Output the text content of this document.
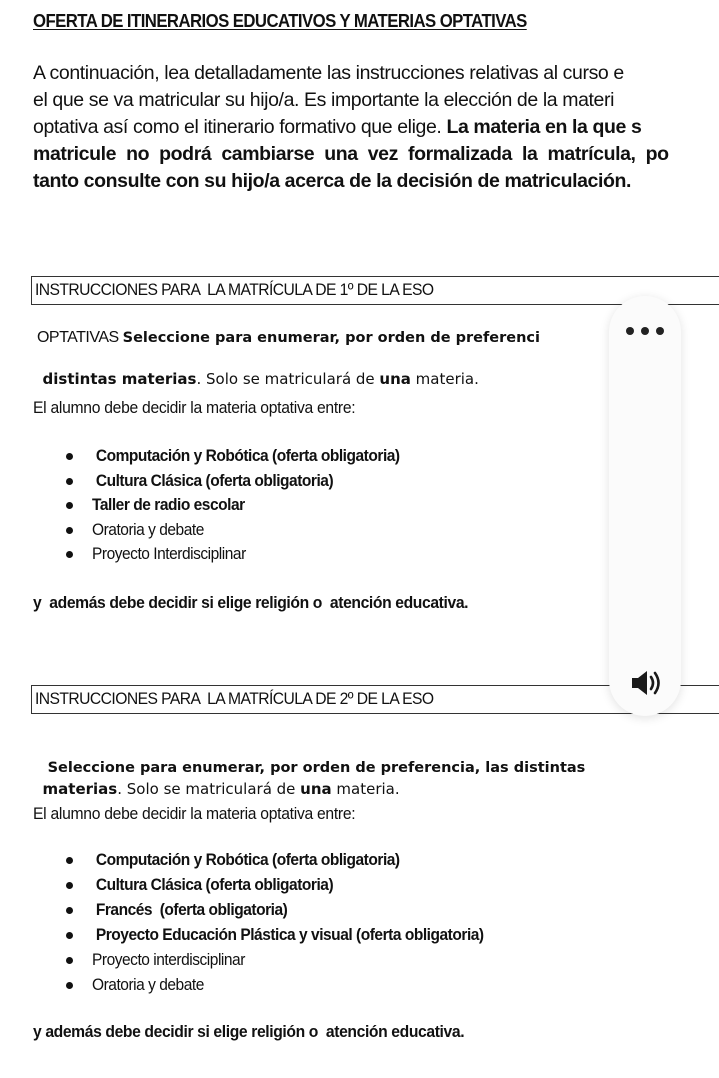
OFERTA DE ITINERARIOS EDUCATIVOS Y MATERIAS OPTATIVAS
A continuación, lea detalladamente las instrucciones relativas al curso e
el que se va matricular su hijo/a. Es importante la elección de la materi
optativa así como el itinerario formativo que elige. La materia en la que s
matricule no podrá cambiarse una vez formalizada la matrícula, po
tanto consulte con su hijo/a acerca de la decisión de matriculación.
INSTRUCCIONES PARA  LA MATRÍCULA DE 1º DE LA ESO
OPTATIVAS Seleccione para enumerar, por orden de preferenci

distintas materias. Solo se matriculará de una materia.

El alumno debe decidir la materia optativa entre:
Computación y Robótica (oferta obligatoria)
Cultura Clásica (oferta obligatoria)
Taller de radio escolar
Oratoria y debate
Proyecto Interdisciplinar
y  además debe decidir si elige religión o  atención educativa.
INSTRUCCIONES PARA  LA MATRÍCULA DE 2º DE LA ESO

Seleccione para enumerar, por orden de preferencia, las distintas

materias. Solo se matriculará de una materia.

El alumno debe decidir la materia optativa entre:
Computación y Robótica (oferta obligatoria)
Cultura Clásica (oferta obligatoria)
Francés  (oferta obligatoria)
Proyecto Educación Plástica y visual (oferta obligatoria)
Proyecto interdisciplinar
Oratoria y debate
y además debe decidir si elige religión o  atención educativa.
